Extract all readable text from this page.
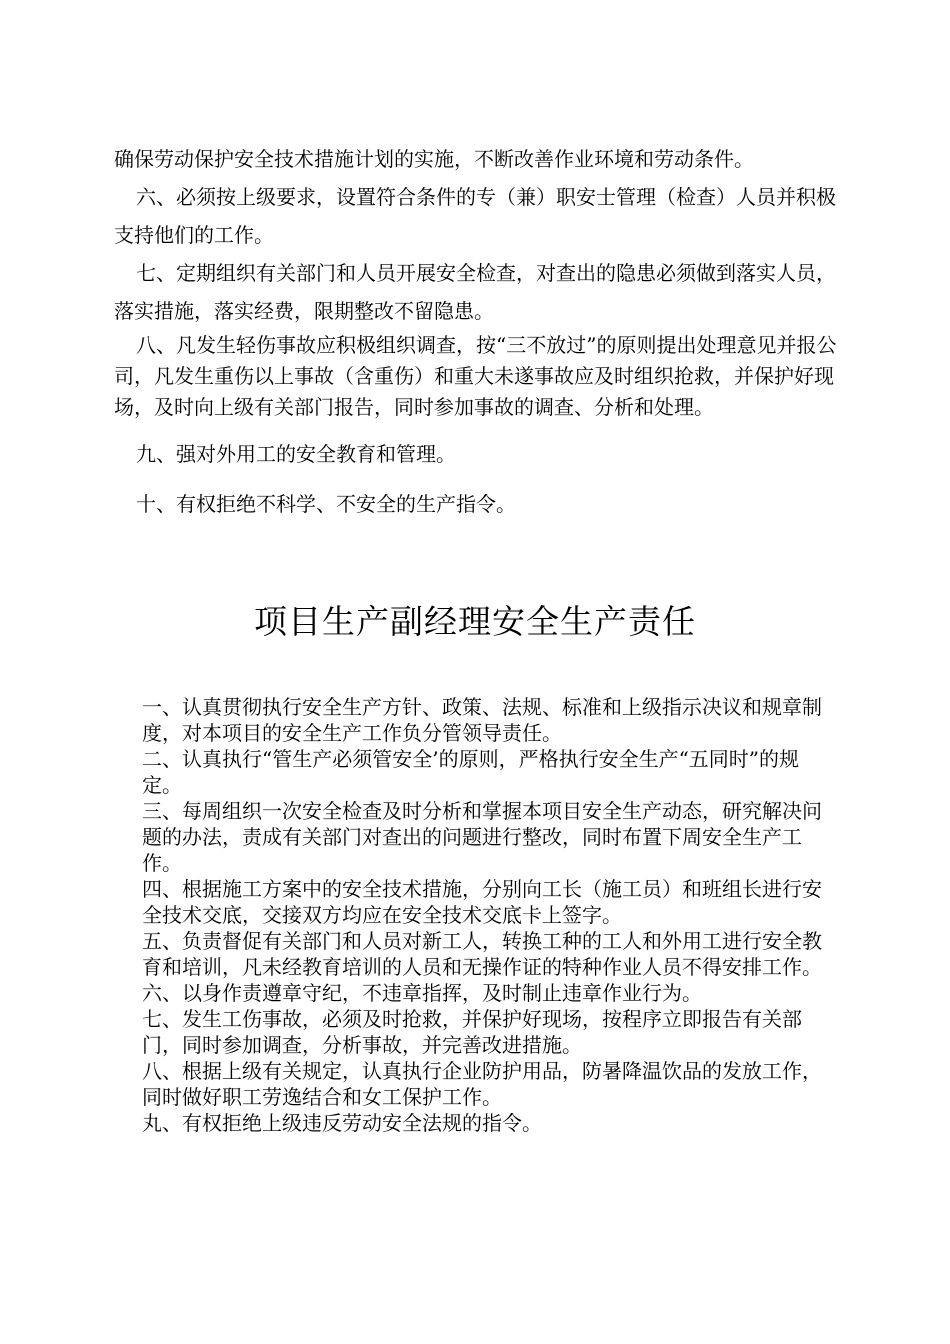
确保劳动保护安全技术措施计划的实施，不断改善作业环境和劳动条件。

六、必须按上级要求，设置符合条件的专（兼）职安士管理（检查）人员并积极支持他们的工作。

七、定期组织有关部门和人员开展安全检查，对查出的隐患必须做到落实人员，落实措施，落实经费，限期整改不留隐患。

八、凡发生轻伤事故应积极组织调查，按“三不放过”的原则提出处理意见并报公司，凡发生重伤以上事故（含重伤）和重大未遂事故应及时组织抢救，并保护好现场，及时向上级有关部门报告，同时参加事故的调查、分析和处理。

九、强对外用工的安全教育和管理。

十、有权拒绝不科学、不安全的生产指令。

项目生产副经理安全生产责任

一、认真贯彻执行安全生产方针、政策、法规、标准和上级指示决议和规章制度，对本项目的安全生产工作负分管领导责任。

二、认真执行“管生产必须管安全’的原则，严格执行安全生产“五同时”的规定。

三、每周组织一次安全检查及时分析和掌握本项目安全生产动态，研究解决问题的办法，责成有关部门对查出的问题进行整改，同时布置下周安全生产工作。

四、根据施工方案中的安全技术措施，分别向工长（施工员）和班组长进行安全技术交底，交接双方均应在安全技术交底卡上签字。

五、负责督促有关部门和人员对新工人，转换工种的工人和外用工进行安全教育和培训，凡未经教育培训的人员和无操作证的特种作业人员不得安排工作。

六、以身作责遵章守纪，不违章指挥，及时制止违章作业行为。

七、发生工伤事故，必须及时抢救，并保护好现场，按程序立即报告有关部门，同时参加调查，分析事故，并完善改进措施。

八、根据上级有关规定，认真执行企业防护用品，防暑降温饮品的发放工作，同时做好职工劳逸结合和女工保护工作。

丸、有权拒绝上级违反劳动安全法规的指令。
